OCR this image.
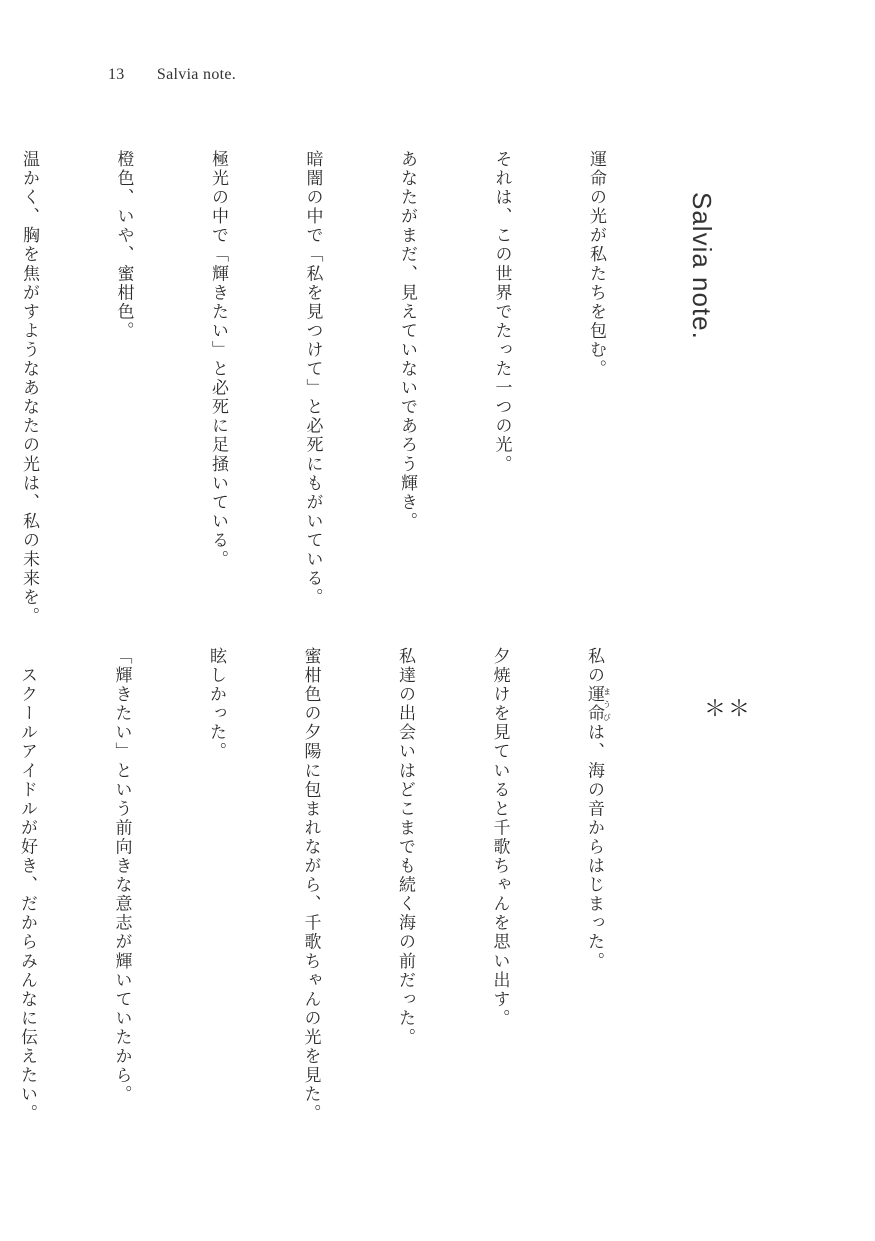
13 Salvia note.
Salvia note.

運命の光が私たちを包む。

それは、この世界でたった一つの光。

あなたがまだ、見えていないであろう輝き。

暗闇の中で「私を見つけて」と必死にもがいている。

極光の中で「輝きたい」と必死に足掻いている。

橙色、いや、蜜柑色。

温かく、胸を焦がすようなあなたの光は、私の未来を。

＊＊

私の運命まうびは、海の音からはじまった。

夕焼けを見ていると千歌ちゃんを思い出す。

私達の出会いはどこまでも続く海の前だった。

蜜柑色の夕陽に包まれながら、千歌ちゃんの光を見た。

眩しかった。

「輝きたい」という前向きな意志が輝いていたから。

　スクールアイドルが好き、だからみんなに伝えたい。
